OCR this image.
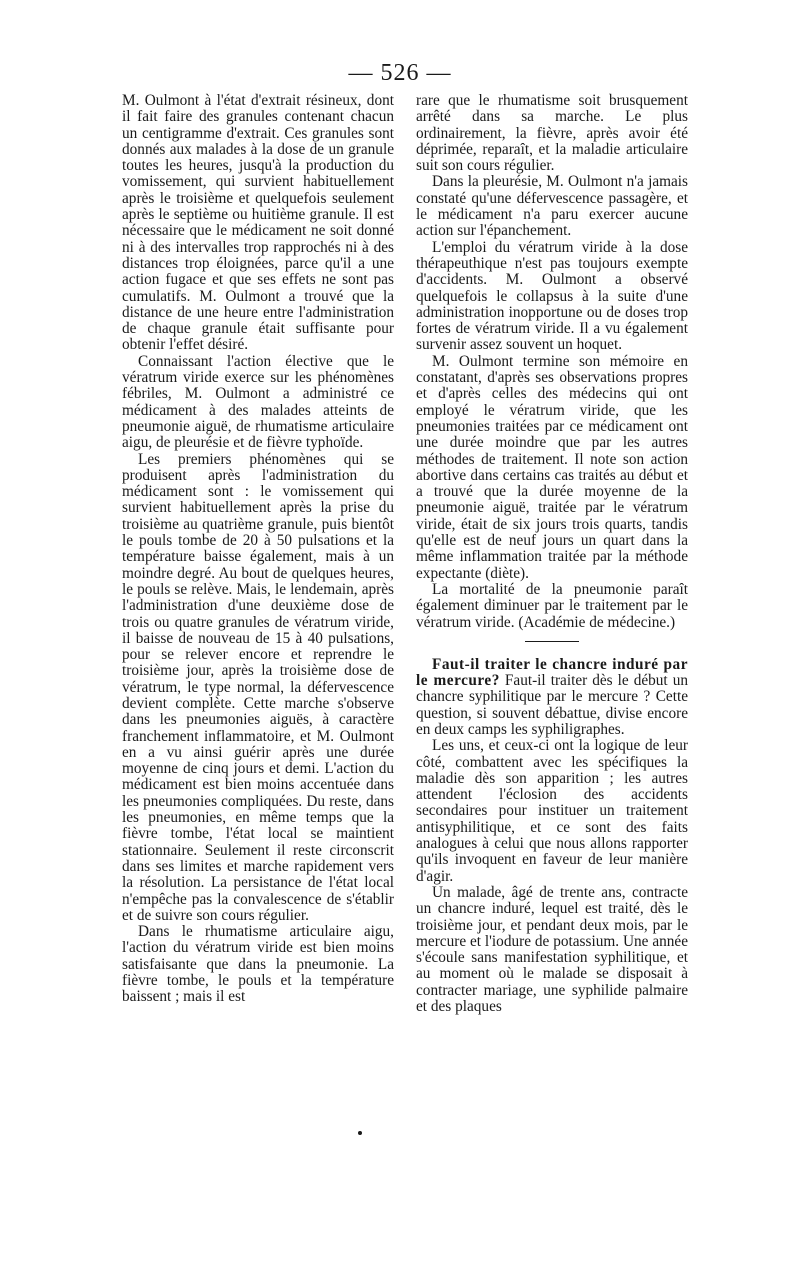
— 526 —

M. Oulmont à l'état d'extrait résineux, dont il fait faire des granules contenant chacun un centigramme d'extrait. Ces granules sont donnés aux malades à la dose de un granule toutes les heures, jusqu'à la production du vomissement, qui survient habituellement après le troisième et quelquefois seulement après le septième ou huitième granule. Il est nécessaire que le médicament ne soit donné ni à des intervalles trop rapprochés ni à des distances trop éloignées, parce qu'il a une action fugace et que ses effets ne sont pas cumulatifs. M. Oulmont a trouvé que la distance de une heure entre l'administration de chaque granule était suffisante pour obtenir l'effet désiré.

Connaissant l'action élective que le vératrum viride exerce sur les phénomènes fébriles, M. Oulmont a administré ce médicament à des malades atteints de pneumonie aiguë, de rhumatisme articulaire aigu, de pleurésie et de fièvre typhoïde.

Les premiers phénomènes qui se produisent après l'administration du médicament sont : le vomissement qui survient habituellement après la prise du troisième au quatrième granule, puis bientôt le pouls tombe de 20 à 50 pulsations et la température baisse également, mais à un moindre degré. Au bout de quelques heures, le pouls se relève. Mais, le lendemain, après l'administration d'une deuxième dose de trois ou quatre granules de vératrum viride, il baisse de nouveau de 15 à 40 pulsations, pour se relever encore et reprendre le troisième jour, après la troisième dose de vératrum, le type normal, la défervescence devient complète. Cette marche s'observe dans les pneumonies aiguës, à caractère franchement inflammatoire, et M. Oulmont en a vu ainsi guérir après une durée moyenne de cinq jours et demi. L'action du médicament est bien moins accentuée dans les pneumonies compliquées. Du reste, dans les pneumonies, en même temps que la fièvre tombe, l'état local se maintient stationnaire. Seulement il reste circonscrit dans ses limites et marche rapidement vers la résolution. La persistance de l'état local n'empêche pas la convalescence de s'établir et de suivre son cours régulier.

Dans le rhumatisme articulaire aigu, l'action du vératrum viride est bien moins satisfaisante que dans la pneumonie. La fièvre tombe, le pouls et la température baissent ; mais il est

rare que le rhumatisme soit brusquement arrêté dans sa marche. Le plus ordinairement, la fièvre, après avoir été déprimée, reparaît, et la maladie articulaire suit son cours régulier.

Dans la pleurésie, M. Oulmont n'a jamais constaté qu'une défervescence passagère, et le médicament n'a paru exercer aucune action sur l'épanchement.

L'emploi du vératrum viride à la dose thérapeuthique n'est pas toujours exempte d'accidents. M. Oulmont a observé quelquefois le collapsus à la suite d'une administration inopportune ou de doses trop fortes de vératrum viride. Il a vu également survenir assez souvent un hoquet.

M. Oulmont termine son mémoire en constatant, d'après ses observations propres et d'après celles des médecins qui ont employé le vératrum viride, que les pneumonies traitées par ce médicament ont une durée moindre que par les autres méthodes de traitement. Il note son action abortive dans certains cas traités au début et a trouvé que la durée moyenne de la pneumonie aiguë, traitée par le vératrum viride, était de six jours trois quarts, tandis qu'elle est de neuf jours un quart dans la même inflammation traitée par la méthode expectante (diète).

La mortalité de la pneumonie paraît également diminuer par le traitement par le vératrum viride. (Académie de médecine.)

Faut-il traiter le chancre induré par le mercure? Faut-il traiter dès le début un chancre syphilitique par le mercure ? Cette question, si souvent débattue, divise encore en deux camps les syphiligraphes.

Les uns, et ceux-ci ont la logique de leur côté, combattent avec les spécifiques la maladie dès son apparition ; les autres attendent l'éclosion des accidents secondaires pour instituer un traitement antisyphilitique, et ce sont des faits analogues à celui que nous allons rapporter qu'ils invoquent en faveur de leur manière d'agir.

Un malade, âgé de trente ans, contracte un chancre induré, lequel est traité, dès le troisième jour, et pendant deux mois, par le mercure et l'iodure de potassium. Une année s'écoule sans manifestation syphilitique, et au moment où le malade se disposait à contracter mariage, une syphilide palmaire et des plaques
